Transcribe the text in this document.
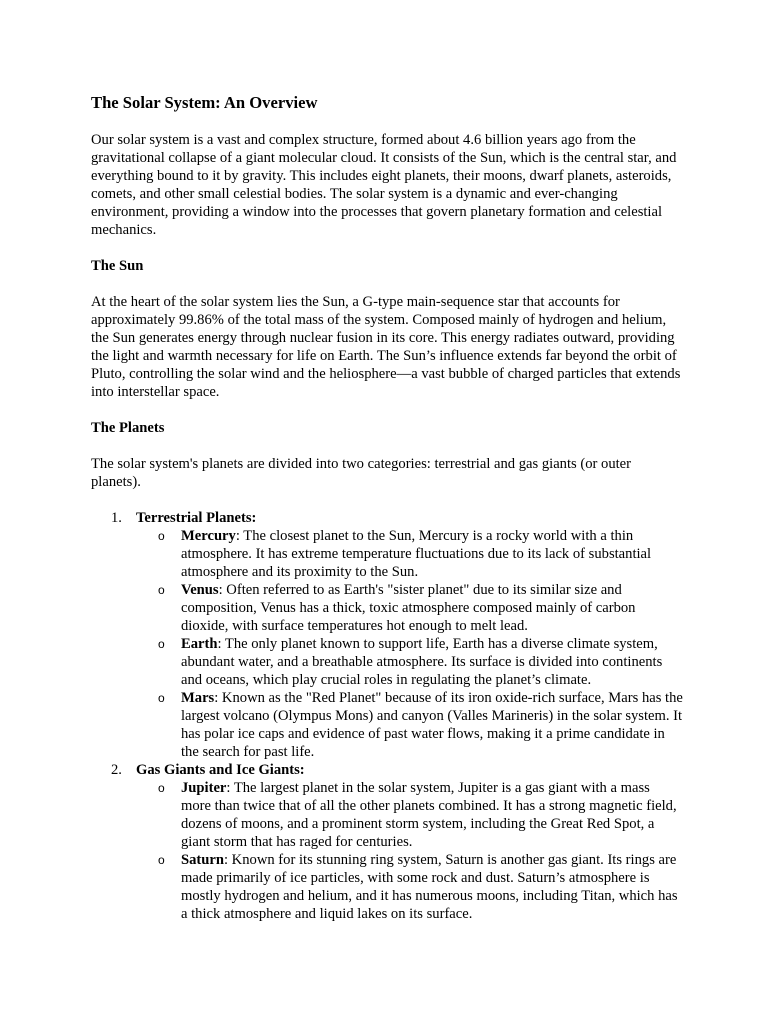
The Solar System: An Overview

Our solar system is a vast and complex structure, formed about 4.6 billion years ago from the gravitational collapse of a giant molecular cloud. It consists of the Sun, which is the central star, and everything bound to it by gravity. This includes eight planets, their moons, dwarf planets, asteroids, comets, and other small celestial bodies. The solar system is a dynamic and ever-changing environment, providing a window into the processes that govern planetary formation and celestial mechanics.

The Sun

At the heart of the solar system lies the Sun, a G-type main-sequence star that accounts for approximately 99.86% of the total mass of the system. Composed mainly of hydrogen and helium, the Sun generates energy through nuclear fusion in its core. This energy radiates outward, providing the light and warmth necessary for life on Earth. The Sun’s influence extends far beyond the orbit of Pluto, controlling the solar wind and the heliosphere—a vast bubble of charged particles that extends into interstellar space.

The Planets

The solar system's planets are divided into two categories: terrestrial and gas giants (or outer planets).

1. Terrestrial Planets:
o Mercury: The closest planet to the Sun, Mercury is a rocky world with a thin atmosphere. It has extreme temperature fluctuations due to its lack of substantial atmosphere and its proximity to the Sun.
o Venus: Often referred to as Earth's "sister planet" due to its similar size and composition, Venus has a thick, toxic atmosphere composed mainly of carbon dioxide, with surface temperatures hot enough to melt lead.
o Earth: The only planet known to support life, Earth has a diverse climate system, abundant water, and a breathable atmosphere. Its surface is divided into continents and oceans, which play crucial roles in regulating the planet’s climate.
o Mars: Known as the "Red Planet" because of its iron oxide-rich surface, Mars has the largest volcano (Olympus Mons) and canyon (Valles Marineris) in the solar system. It has polar ice caps and evidence of past water flows, making it a prime candidate in the search for past life.
2. Gas Giants and Ice Giants:
o Jupiter: The largest planet in the solar system, Jupiter is a gas giant with a mass more than twice that of all the other planets combined. It has a strong magnetic field, dozens of moons, and a prominent storm system, including the Great Red Spot, a giant storm that has raged for centuries.
o Saturn: Known for its stunning ring system, Saturn is another gas giant. Its rings are made primarily of ice particles, with some rock and dust. Saturn’s atmosphere is mostly hydrogen and helium, and it has numerous moons, including Titan, which has a thick atmosphere and liquid lakes on its surface.
